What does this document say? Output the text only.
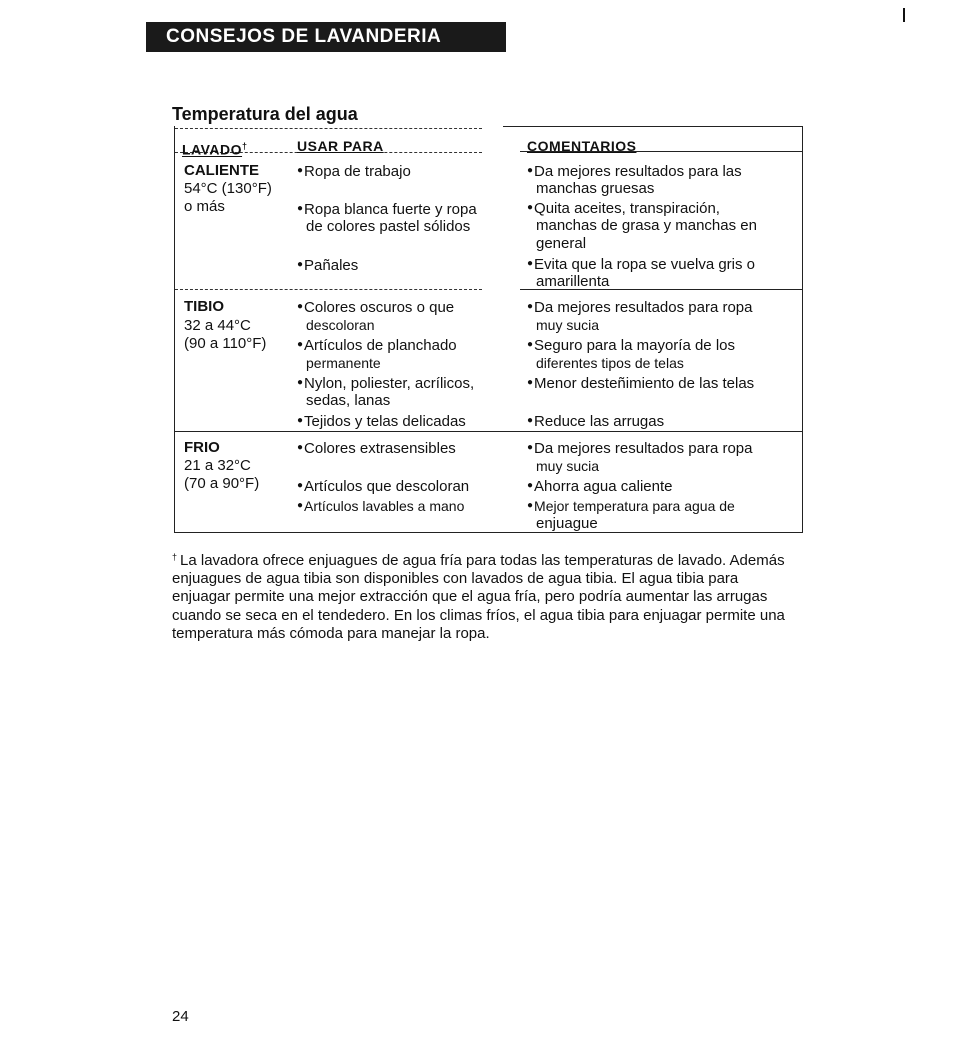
CONSEJOS DE LAVANDERIA
Temperatura del agua
LAVADO†	USAR PARA	COMENTARIOS
CALIENTE
54°C (130°F)
o más
●Ropa de trabajo
●Ropa blanca fuerte y ropa
de colores pastel sólidos
●Pañales
●Da mejores resultados para las
manchas gruesas
●Quita aceites, transpiración,
manchas de grasa y manchas en
general
●Evita que la ropa se vuelva gris o
amarillenta
TIBIO
32 a 44°C
(90 a 110°F)
●Colores oscuros o que
descoloran
●Artículos de planchado
permanente
●Nylon, poliester, acrílicos,
sedas, lanas
●Tejidos y telas delicadas
●Da mejores resultados para ropa
muy sucia
●Seguro para la mayoría de los
diferentes tipos de telas
●Menor desteñimiento de las telas
●Reduce las arrugas
FRIO
21 a 32°C
(70 a 90°F)
●Colores extrasensibles
●Artículos que descoloran
●Artículos lavables a mano
●Da mejores resultados para ropa
muy sucia
●Ahorra agua caliente
●Mejor temperatura para agua de
enjuague
† La lavadora ofrece enjuagues de agua fría para todas las temperaturas de lavado. Además enjuagues de agua tibia son disponibles con lavados de agua tibia. El agua tibia para enjuagar permite una mejor extracción que el agua fría, pero podría aumentar las arrugas cuando se seca en el tendedero. En los climas fríos, el agua tibia para enjuagar permite una temperatura más cómoda para manejar la ropa.
24
